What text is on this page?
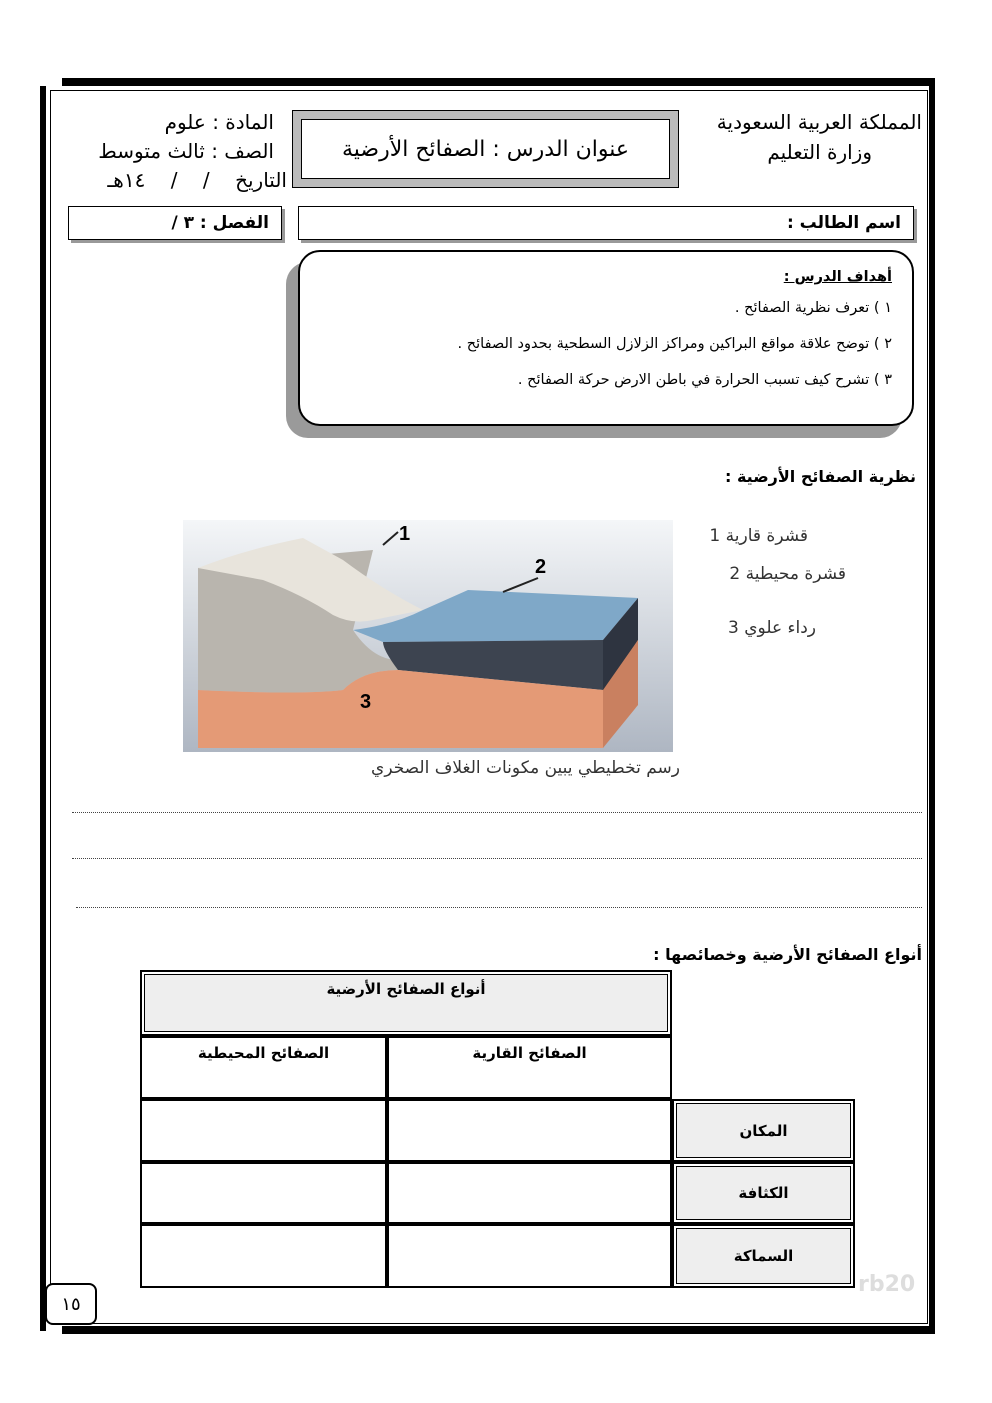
المملكة العربية السعودية
وزارة التعليم
عنوان الدرس : الصفائح الأرضية
المادة : علوم
الصف : ثالث متوسط
التاريخ    /    /    ١٤هـ
اسم الطالب :
الفصل : ٣ /
أهداف الدرس :
١ ) تعرف نظرية الصفائح .
٢ ) توضح علاقة مواقع البراكين ومراكز الزلازل السطحية بحدود الصفائح .
٣ ) تشرح كيف تسبب الحرارة في باطن الارض حركة الصفائح .
نظرية الصفائح الأرضية :
1
2
3
قشرة قارية 1
قشرة محيطية 2
رداء علوي 3
رسم تخطيطي يبين مكونات الغلاف الصخري
أنواع الصفائح الأرضية وخصائصها :
أنواع الصفائح الأرضية
الصفائح القارية
الصفائح المحيطية
المكان
الكثافة
السماكة
rb20
١٥
